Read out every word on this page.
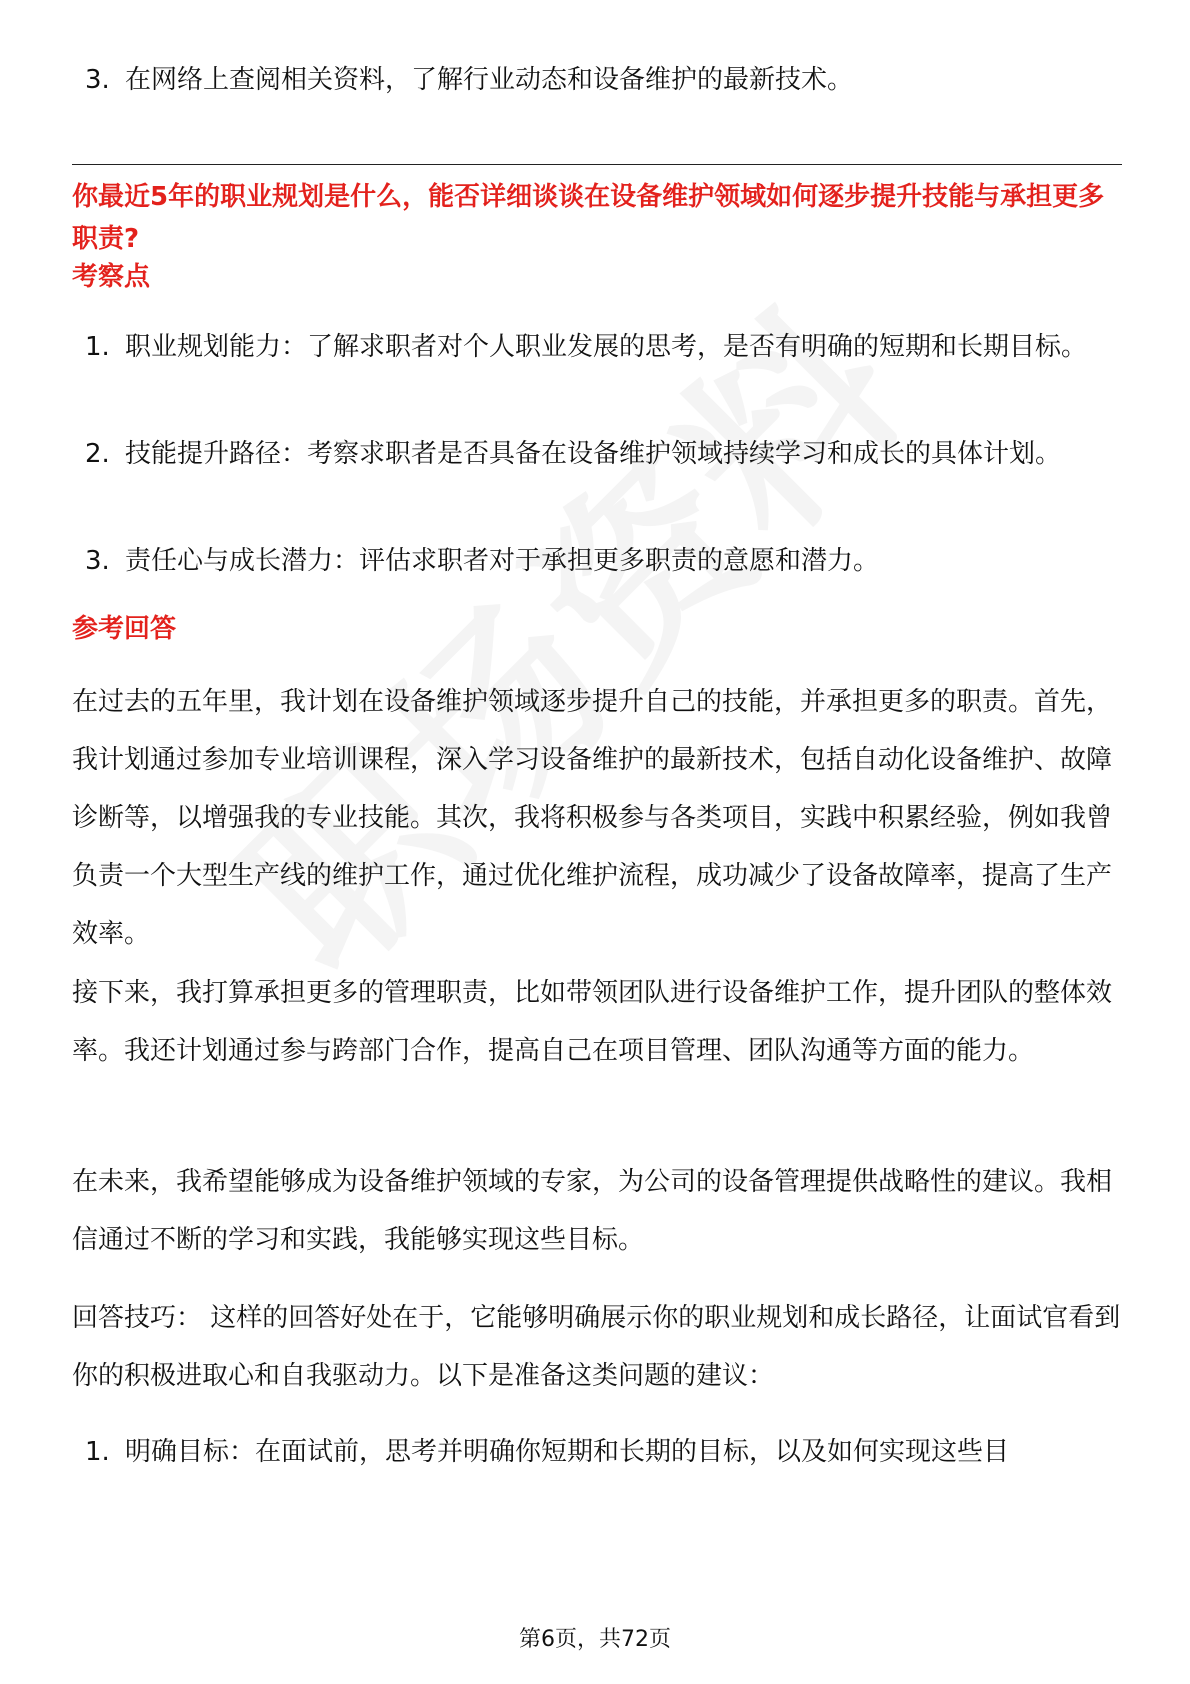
3. 在网络上查阅相关资料，了解行业动态和设备维护的最新技术。
你最近5年的职业规划是什么，能否详细谈谈在设备维护领域如何逐步提升技能与承担更多职责?
考察点
1. 职业规划能力：了解求职者对个人职业发展的思考，是否有明确的短期和长期目标。
2. 技能提升路径：考察求职者是否具备在设备维护领域持续学习和成长的具体计划。
3. 责任心与成长潜力：评估求职者对于承担更多职责的意愿和潜力。
参考回答
在过去的五年里，我计划在设备维护领域逐步提升自己的技能，并承担更多的职责。首先，我计划通过参加专业培训课程，深入学习设备维护的最新技术，包括自动化设备维护、故障诊断等，以增强我的专业技能。其次，我将积极参与各类项目，实践中积累经验，例如我曾负责一个大型生产线的维护工作，通过优化维护流程，成功减少了设备故障率，提高了生产效率。
接下来，我打算承担更多的管理职责，比如带领团队进行设备维护工作，提升团队的整体效率。我还计划通过参与跨部门合作，提高自己在项目管理、团队沟通等方面的能力。
在未来，我希望能够成为设备维护领域的专家，为公司的设备管理提供战略性的建议。我相信通过不断的学习和实践，我能够实现这些目标。
回答技巧： 这样的回答好处在于，它能够明确展示你的职业规划和成长路径，让面试官看到你的积极进取心和自我驱动力。以下是准备这类问题的建议：
1. 明确目标：在面试前，思考并明确你短期和长期的目标，以及如何实现这些目
第6页，共72页
